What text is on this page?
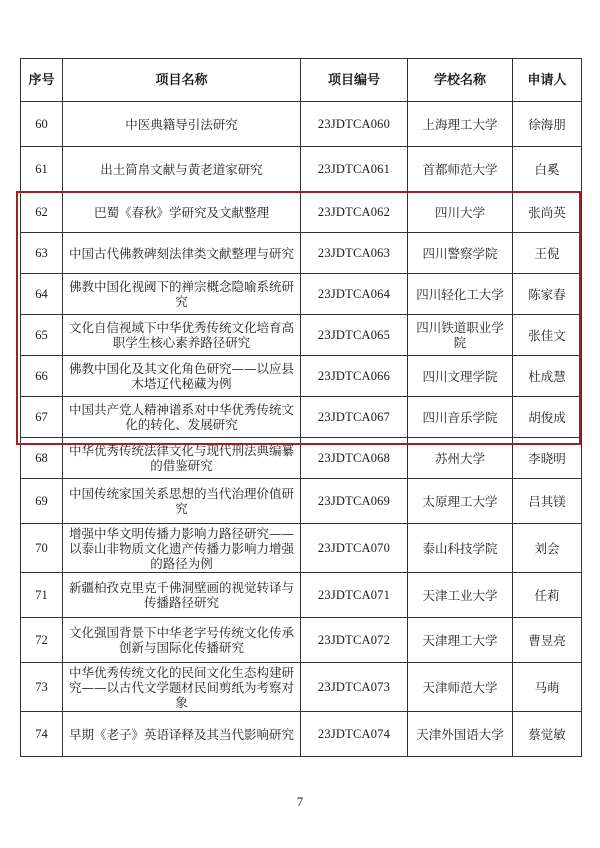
序号	项目名称	项目编号	学校名称	申请人
60	中医典籍导引法研究	23JDTCA060	上海理工大学	徐海朋
61	出土简帛文献与黄老道家研究	23JDTCA061	首都师范大学	白奚
62	巴蜀《春秋》学研究及文献整理	23JDTCA062	四川大学	张尚英
63	中国古代佛教碑刻法律类文献整理与研究	23JDTCA063	四川警察学院	王倪
64	佛教中国化视阈下的禅宗概念隐喻系统研究	23JDTCA064	四川轻化工大学	陈家春
65	文化自信视域下中华优秀传统文化培育高职学生核心素养路径研究	23JDTCA065	四川铁道职业学院	张佳文
66	佛教中国化及其文化角色研究——以应县木塔辽代秘藏为例	23JDTCA066	四川文理学院	杜成慧
67	中国共产党人精神谱系对中华优秀传统文化的转化、发展研究	23JDTCA067	四川音乐学院	胡俊成
68	中华优秀传统法律文化与现代刑法典编纂的借鉴研究	23JDTCA068	苏州大学	李晓明
69	中国传统家国关系思想的当代治理价值研究	23JDTCA069	太原理工大学	吕其镁
70	增强中华文明传播力影响力路径研究——以泰山非物质文化遗产传播力影响力增强的路径为例	23JDTCA070	泰山科技学院	刘会
71	新疆柏孜克里克千佛洞壁画的视觉转译与传播路径研究	23JDTCA071	天津工业大学	任莉
72	文化强国背景下中华老字号传统文化传承创新与国际化传播研究	23JDTCA072	天津理工大学	曹昱亮
73	中华优秀传统文化的民间文化生态构建研究——以古代文学题材民间剪纸为考察对象	23JDTCA073	天津师范大学	马萌
74	早期《老子》英语译释及其当代影响研究	23JDTCA074	天津外国语大学	蔡觉敏
7
